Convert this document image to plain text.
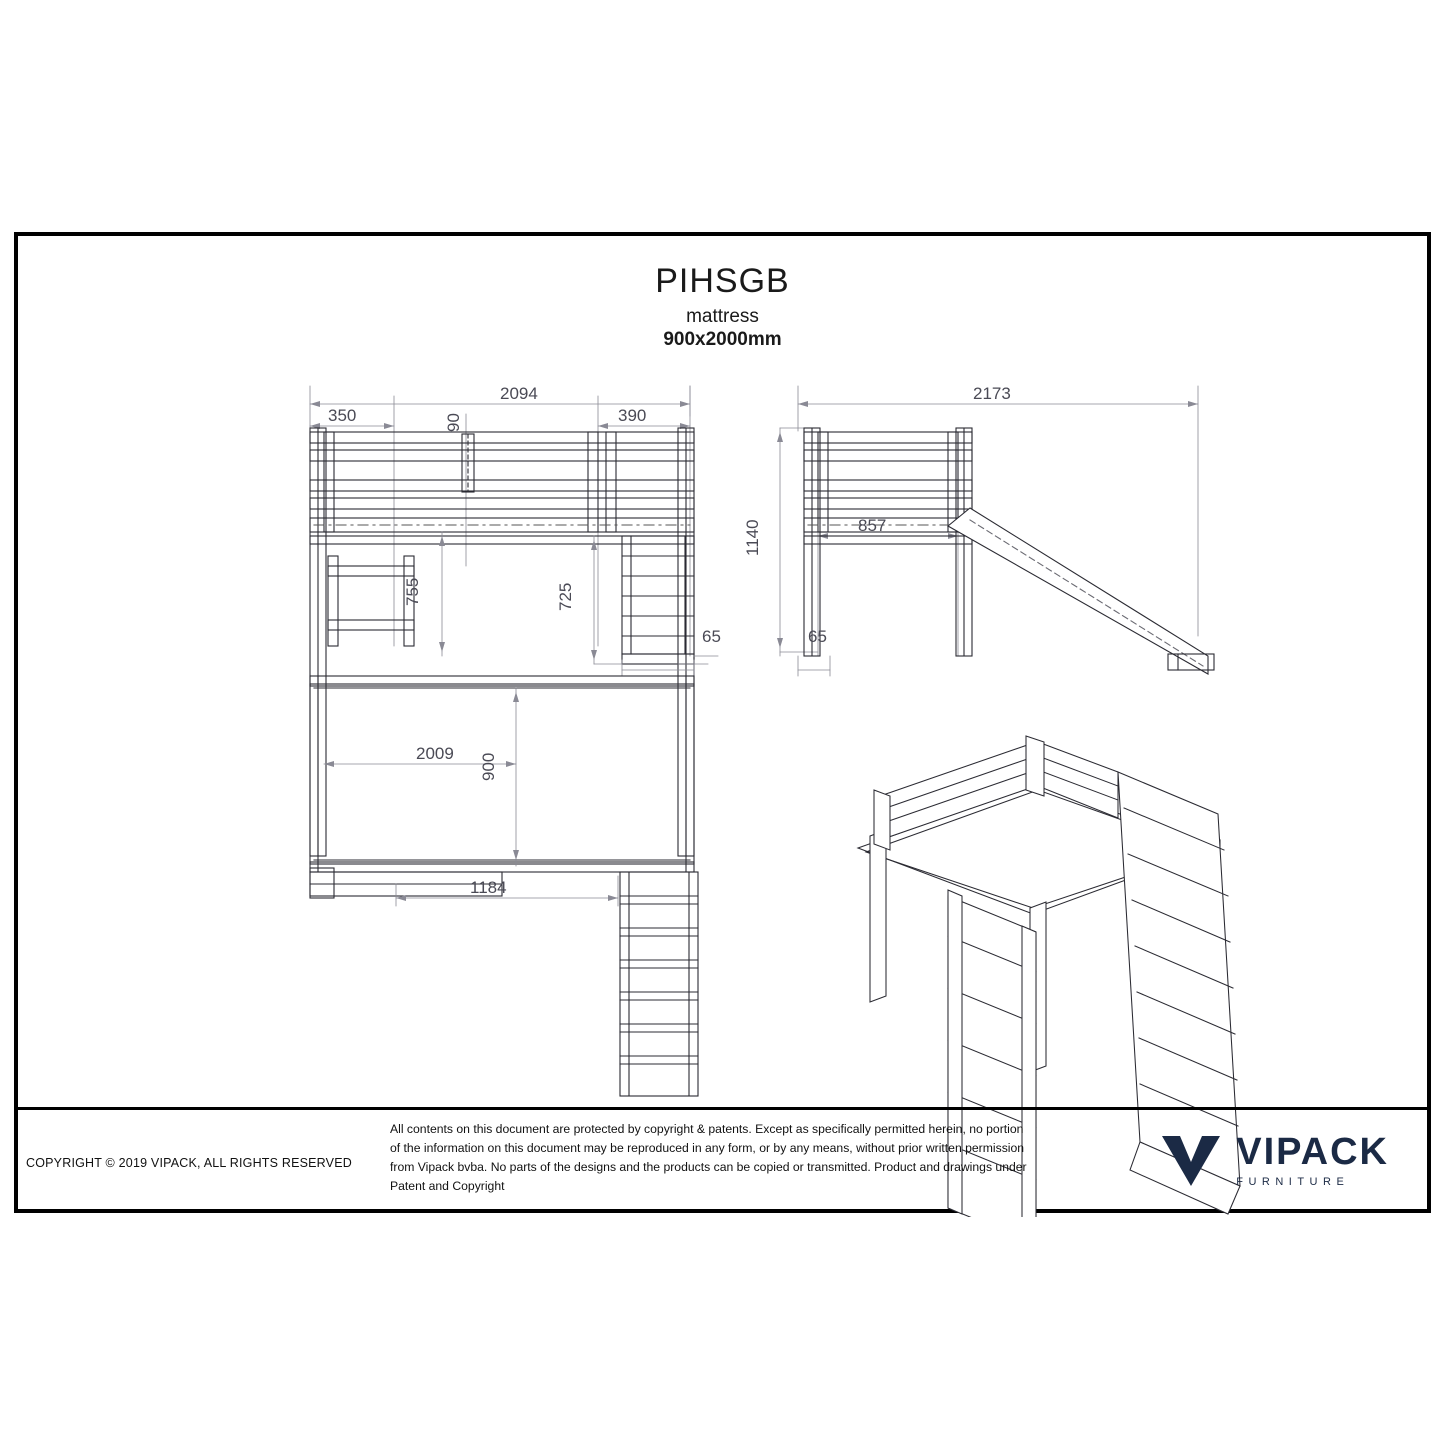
PIHSGB
mattress
900x2000mm
2094
350	90	390
755	725
65
2173
1140	857
65
2009 900
1184
COPYRIGHT © 2019 VIPACK, ALL RIGHTS RESERVED
All contents on this document are protected by copyright & patents. Except as specifically permitted herein, no portion of the information on this document may be reproduced in any form, or by any means, without prior written permission from Vipack bvba. No parts of the designs and the products can be copied or transmitted. Product and drawings under Patent and Copyright
VIPACK
FURNITURE
